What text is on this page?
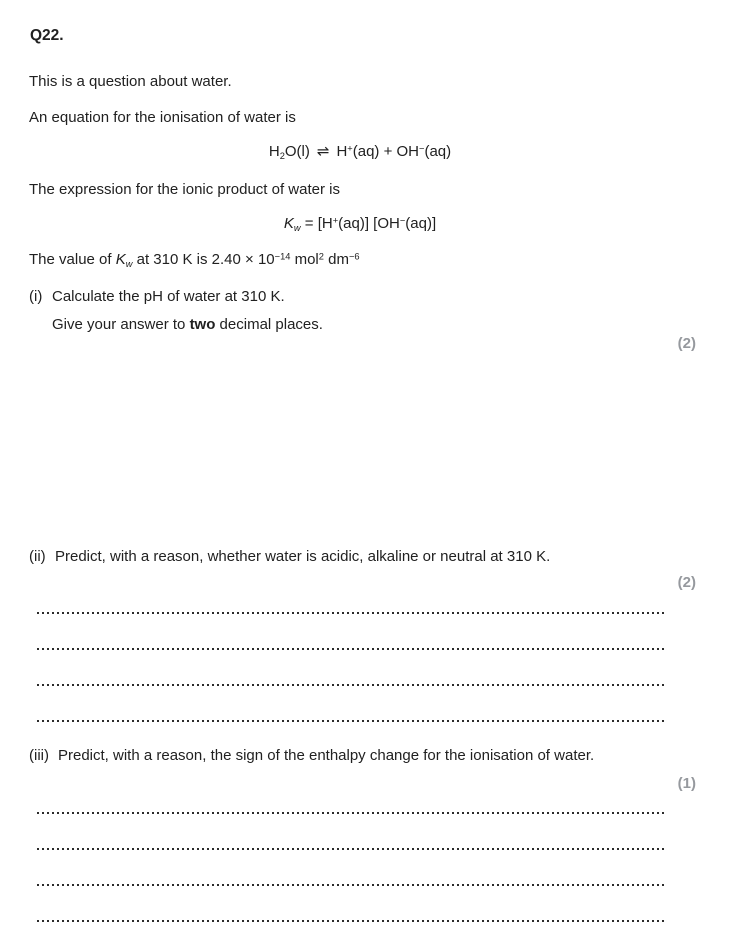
Q22.
This is a question about water.
An equation for the ionisation of water is
H2O(l) ⇌ H+(aq) + OH−(aq)
The expression for the ionic product of water is
Kw = [H+(aq)] [OH−(aq)]
The value of Kw at 310 K is $2.40 \times 10^{-14}$ mol$^2$ $dm^{-6}$
(i) Calculate the pH of water at 310 K.
Give your answer to two decimal places.
(2)
(ii) Predict, with a reason, whether water is acidic, alkaline or neutral at 310 K.
(2)
(iii) Predict, with a reason, the sign of the enthalpy change for the ionisation of water.
(1)
